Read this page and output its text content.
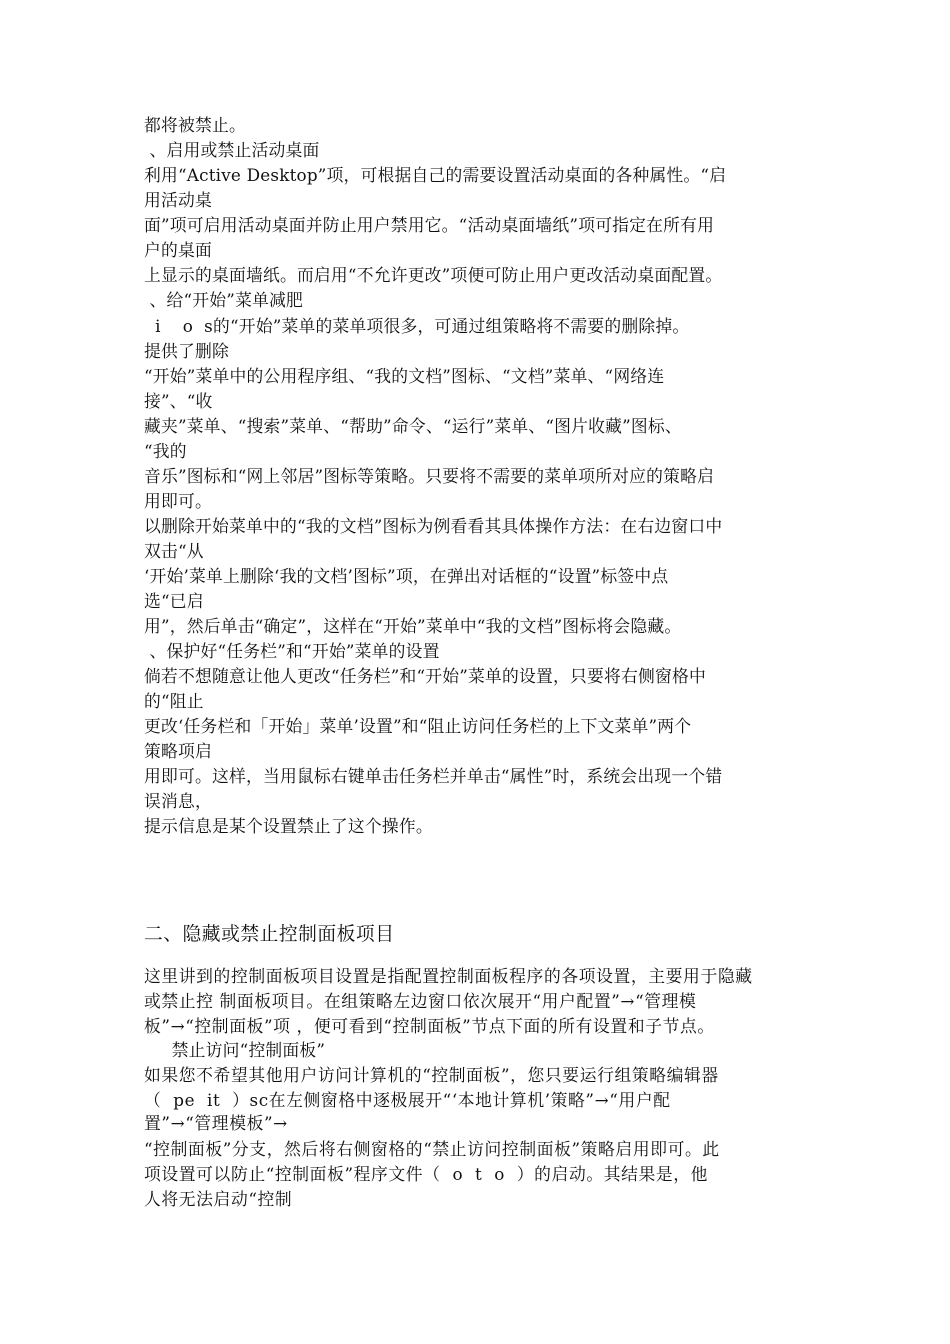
都将被禁止。
、启用或禁止活动桌面
利用“Active Desktop”项，可根据自己的需要设置活动桌面的各种属性。“启
用活动桌
面”项可启用活动桌面并防止用户禁用它。“活动桌面墙纸”项可指定在所有用
户的桌面
上显示的桌面墙纸。而启用“不允许更改”项便可防止用户更改活动桌面配置。
、给“开始”菜单减肥
i    o  s的“开始”菜单的菜单项很多，可通过组策略将不需要的删除掉。
提供了删除
“开始”菜单中的公用程序组、“我的文档”图标、“文档”菜单、“网络连
接”、“收
藏夹”菜单、“搜索”菜单、“帮助”命令、“运行”菜单、“图片收藏”图标、
“我的
音乐”图标和“网上邻居”图标等策略。只要将不需要的菜单项所对应的策略启
用即可。
以删除开始菜单中的“我的文档”图标为例看看其具体操作方法：在右边窗口中
双击“从
‘开始’菜单上删除‘我的文档’图标”项，在弹出对话框的“设置”标签中点
选“已启
用”，然后单击“确定”，这样在“开始”菜单中“我的文档”图标将会隐藏。
、保护好“任务栏”和“开始”菜单的设置
倘若不想随意让他人更改“任务栏”和“开始”菜单的设置，只要将右侧窗格中
的“阻止
更改‘任务栏和「开始」菜单’设置”和“阻止访问任务栏的上下文菜单”两个
策略项启
用即可。这样，当用鼠标右键单击任务栏并单击“属性”时，系统会出现一个错
误消息，
提示信息是某个设置禁止了这个操作。
二、隐藏或禁止控制面板项目
这里讲到的控制面板项目设置是指配置控制面板程序的各项设置，主要用于隐藏
或禁止控 制面板项目。在组策略左边窗口依次展开“用户配置”→“管理模
板”→“控制面板”项 ，便可看到“控制面板”节点下面的所有设置和子节点。
禁止访问“控制面板”
如果您不希望其他用户访问计算机的“控制面板”，您只要运行组策略编辑器
（  pe  it  ）sc在左侧窗格中逐极展开“‘本地计算机’策略”→“用户配
置”→“管理模板”→
“控制面板”分支，然后将右侧窗格的“禁止访问控制面板”策略启用即可。此
项设置可以防止“控制面板”程序文件（  o  t  o  ）的启动。其结果是，他
人将无法启动“控制
